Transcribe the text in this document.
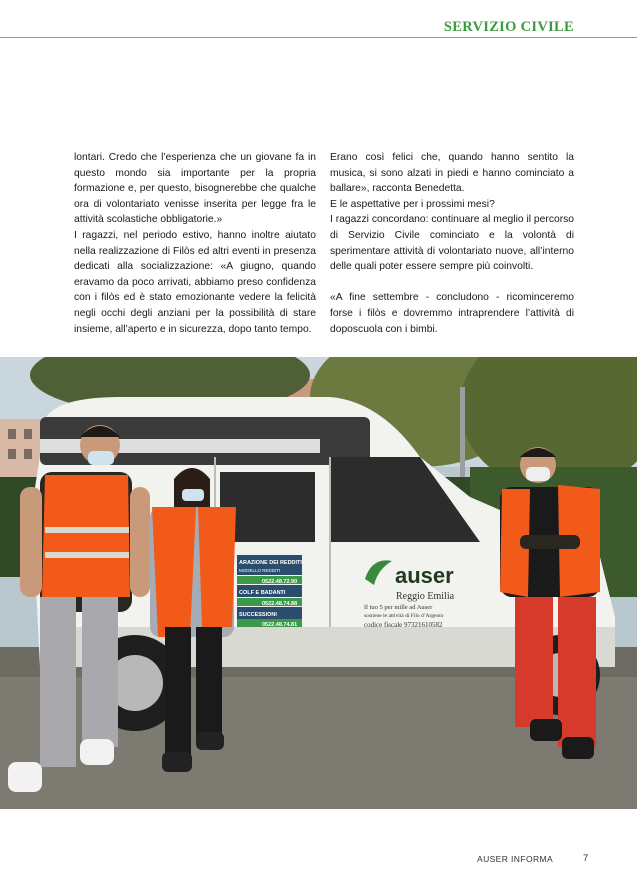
SERVIZIO CIVILE

lontari. Credo che l’esperienza che un giovane fa in questo mondo sia importante per la propria formazione e, per questo, bisognerebbe che qualche ora di volontariato venisse inserita per legge fra le attività scolastiche obbligatorie.»

I ragazzi, nel periodo estivo, hanno inoltre aiutato nella realizzazione di Filòs ed altri eventi in presenza dedicati alla socializzazione: «A giugno, quando eravamo da poco arrivati, abbiamo preso confidenza con i filòs ed è stato emozionante vedere la felicità negli occhi degli anziani per la possibilità di stare insieme, all’aperto e in sicurezza, dopo tanto tempo.

Erano così felici che, quando hanno sentito la musica, si sono alzati in piedi e hanno cominciato a ballare», racconta Benedetta.

E le aspettative per i prossimi mesi?

I ragazzi concordano: continuare al meglio il percorso di Servizio Civile cominciato e la volontà di sperimentare attività di volontariato nuove, all’interno delle quali poter essere sempre più coinvolti.

«A fine settembre - concludono - ricominceremo forse i filòs e dovremmo intraprendere l’attività di doposcuola con i bimbi.

auser
Reggio Emilia
Il tuo 5 per mille ad Auser
sostiene le attività di Filo d’Argento
codice fiscale 97321610582
ARAZIONE DEI REDDITI
MODELLO REDDITI
0522.48.72.90
COLF E BADANTI
0522.48.74.88
SUCCESSIONI
0522.48.74.81
AUSER INFORMA	7
